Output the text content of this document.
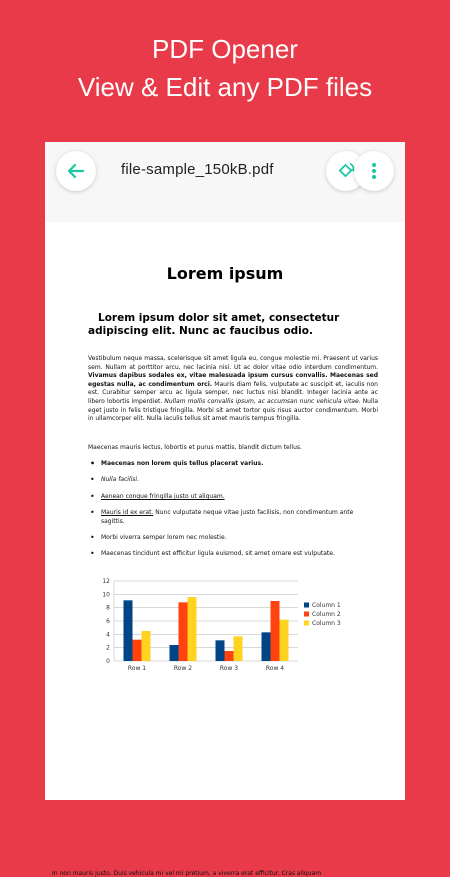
PDF Opener
View & Edit any PDF files
file-sample_150kB.pdf
Lorem ipsum
Lorem ipsum dolor sit amet, consectetur adipiscing elit. Nunc ac faucibus odio.
Vestibulum neque massa, scelerisque sit amet ligula eu, congue molestie mi. Praesent ut varius sem. Nullam at porttitor arcu, nec lacinia nisi. Ut ac dolor vitae odio interdum condimentum. Vivamus dapibus sodales ex, vitae malesuada ipsum cursus convallis. Maecenas sed egestas nulla, ac condimentum orci. Mauris diam felis, vulputate ac suscipit et, iaculis non est. Curabitur semper arcu ac ligula semper, nec luctus nisi blandit. Integer lacinia ante ac libero lobortis imperdiet. Nullam mollis convallis ipsum, ac accumsan nunc vehicula vitae. Nulla eget justo in felis tristique fringilla. Morbi sit amet tortor quis risus auctor condimentum. Morbi in ullamcorper elit. Nulla iaculis tellus sit amet mauris tempus fringilla.
Maecenas mauris lectus, lobortis et purus mattis, blandit dictum tellus.
• Maecenas non lorem quis tellus placerat varius.
• Nulla facilisi.
• Aenean congue fringilla justo ut aliquam.
• Mauris id ex erat. Nunc vulputate neque vitae justo facilisis, non condimentum ante sagittis.
• Morbi viverra semper lorem nec molestie.
• Maecenas tincidunt est efficitur ligula euismod, sit amet ornare est vulputate.
0
2
4
6
8
10
12
Row 1	Row 2	Row 3	Row 4
Column 1
Column 2
Column 3
In non mauris justo. Duis vehicula mi vel mi pretium, a viverra erat efficitur. Cras aliquam
